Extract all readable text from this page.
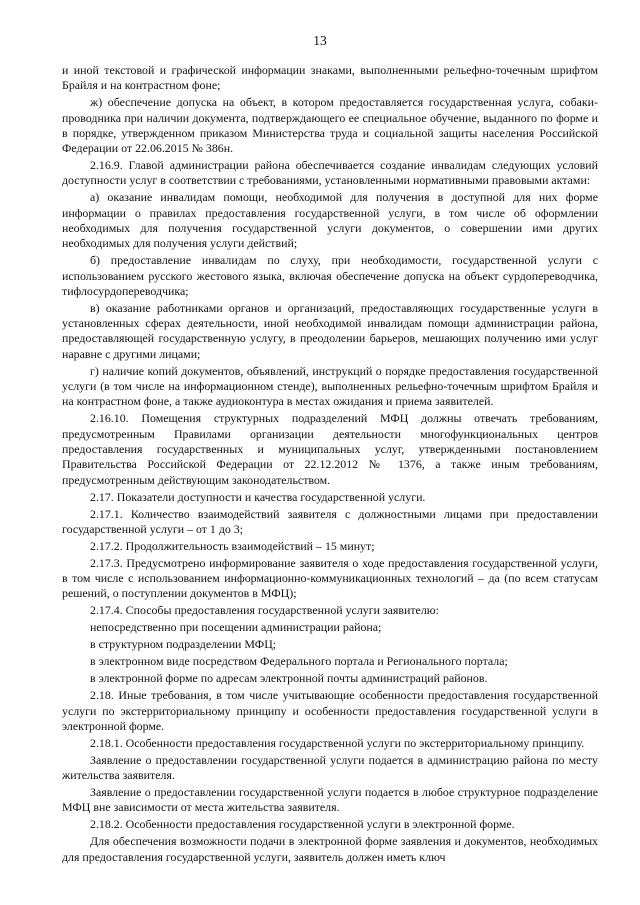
13

и иной текстовой и графической информации знаками, выполненными рельефно-точечным шрифтом Брайля и на контрастном фоне;

ж) обеспечение допуска на объект, в котором предоставляется государственная услуга, собаки-проводника при наличии документа, подтверждающего ее специальное обучение, выданного по форме и в порядке, утвержденном приказом Министерства труда и социальной защиты населения Российской Федерации от 22.06.2015 № 386н.

2.16.9. Главой администрации района обеспечивается создание инвалидам следующих условий доступности услуг в соответствии с требованиями, установленными нормативными правовыми актами:

а) оказание инвалидам помощи, необходимой для получения в доступной для них форме информации о правилах предоставления государственной услуги, в том числе об оформлении необходимых для получения государственной услуги документов, о совершении ими других необходимых для получения услуги действий;

б) предоставление инвалидам по слуху, при необходимости, государственной услуги с использованием русского жестового языка, включая обеспечение допуска на объект сурдопереводчика, тифлосурдопереводчика;

в) оказание работниками органов и организаций, предоставляющих государственные услуги в установленных сферах деятельности, иной необходимой инвалидам помощи администрации района, предоставляющей государственную услугу, в преодолении барьеров, мешающих получению ими услуг наравне с другими лицами;

г) наличие копий документов, объявлений, инструкций о порядке предоставления государственной услуги (в том числе на информационном стенде), выполненных рельефно-точечным шрифтом Брайля и на контрастном фоне, а также аудиоконтура в местах ожидания и приема заявителей.

2.16.10. Помещения структурных подразделений МФЦ должны отвечать требованиям, предусмотренным Правилами организации деятельности многофункциональных центров предоставления государственных и муниципальных услуг, утвержденными постановлением Правительства Российской Федерации от 22.12.2012 № 1376, а также иным требованиям, предусмотренным действующим законодательством.

2.17. Показатели доступности и качества государственной услуги.

2.17.1. Количество взаимодействий заявителя с должностными лицами при предоставлении государственной услуги – от 1 до 3;

2.17.2. Продолжительность взаимодействий – 15 минут;

2.17.3. Предусмотрено информирование заявителя о ходе предоставления государственной услуги, в том числе с использованием информационно-коммуникационных технологий – да (по всем статусам решений, о поступлении документов в МФЦ);

2.17.4. Способы предоставления государственной услуги заявителю:

непосредственно при посещении администрации района;

в структурном подразделении МФЦ;

в электронном виде посредством Федерального портала и Регионального портала;

в электронной форме по адресам электронной почты администраций районов.

2.18. Иные требования, в том числе учитывающие особенности предоставления государственной услуги по экстерриториальному принципу и особенности предоставления государственной услуги в электронной форме.

2.18.1. Особенности предоставления государственной услуги по экстерриториальному принципу.

Заявление о предоставлении государственной услуги подается в администрацию района по месту жительства заявителя.

Заявление о предоставлении государственной услуги подается в любое структурное подразделение МФЦ вне зависимости от места жительства заявителя.

2.18.2. Особенности предоставления государственной услуги в электронной форме.

Для обеспечения возможности подачи в электронной форме заявления и документов, необходимых для предоставления государственной услуги, заявитель должен иметь ключ
